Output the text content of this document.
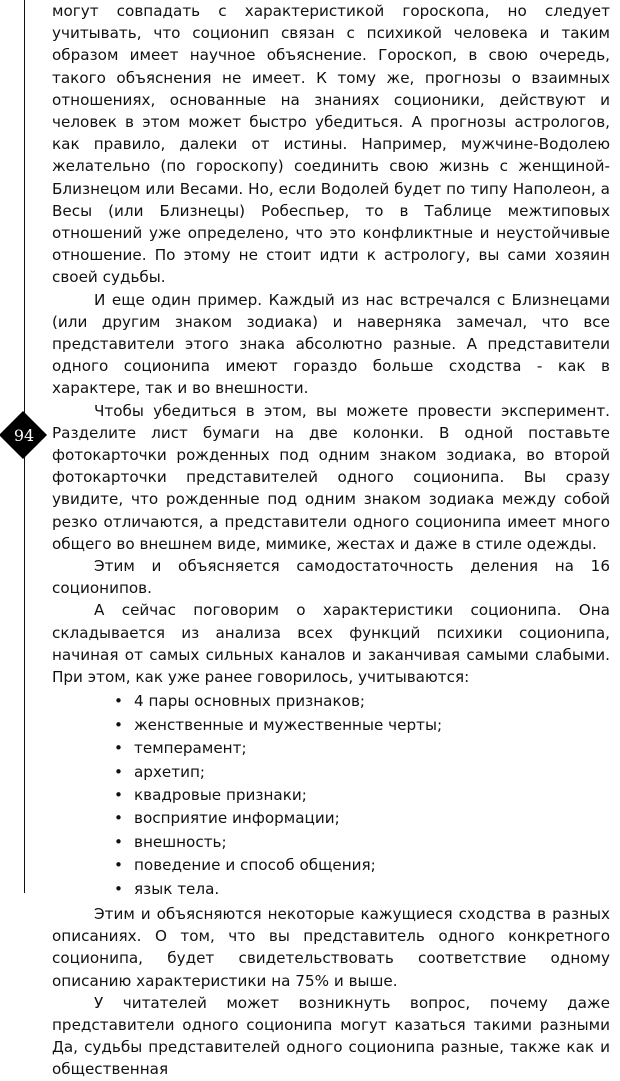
94

могут совпадать с характеристикой гороскопа, но следует учитывать, что соционип связан с психикой человека и таким образом имеет научное объяснение. Гороскоп, в свою очередь, такого объяснения не имеет. К тому же, прогнозы о взаимных отношениях, основанные на знаниях соционики, действуют и человек в этом может быстро убедиться. А прогнозы астрологов, как правило, далеки от истины. Например, мужчине-Водолею желательно (по гороскопу) соединить свою жизнь с женщиной-Близнецом или Весами. Но, если Водолей будет по типу Наполеон, а Весы (или Близнецы) Робеспьер, то в Таблице межтиповых отношений уже определено, что это конфликтные и неустойчивые отношение. По этому не стоит идти к астрологу, вы сами хозяин своей судьбы.

И еще один пример. Каждый из нас встречался с Близнецами (или другим знаком зодиака) и наверняка замечал, что все представители этого знака абсолютно разные. А представители одного соционипа имеют гораздо больше сходства - как в характере, так и во внешности.

Чтобы убедиться в этом, вы можете провести эксперимент. Разделите лист бумаги на две колонки. В одной поставьте фотокарточки рожденных под одним знаком зодиака, во второй фотокарточки представителей одного соционипа. Вы сразу увидите, что рожденные под одним знаком зодиака между собой резко отличаются, а представители одного соционипа имеет много общего во внешнем виде, мимике, жестах и даже в стиле одежды.

Этим и объясняется самодостаточность деления на 16 соционипов.

А сейчас поговорим о характеристики соционипа. Она складывается из анализа всех функций психики соционипа, начиная от самых сильных каналов и заканчивая самыми слабыми. При этом, как уже ранее говорилось, учитываются:

• 4 пары основных признаков;
• женственные и мужественные черты;
• темперамент;
• архетип;
• квадровые признаки;
• восприятие информации;
• внешность;
• поведение и способ общения;
• язык тела.

Этим и объясняются некоторые кажущиеся сходства в разных описаниях. О том, что вы представитель одного конкретного соционипа, будет свидетельствовать соответствие одному описанию характеристики на 75% и выше.

У читателей может возникнуть вопрос, почему даже представители одного соционипа могут казаться такими разными Да, судьбы представителей одного соционипа разные, также как и общественная
